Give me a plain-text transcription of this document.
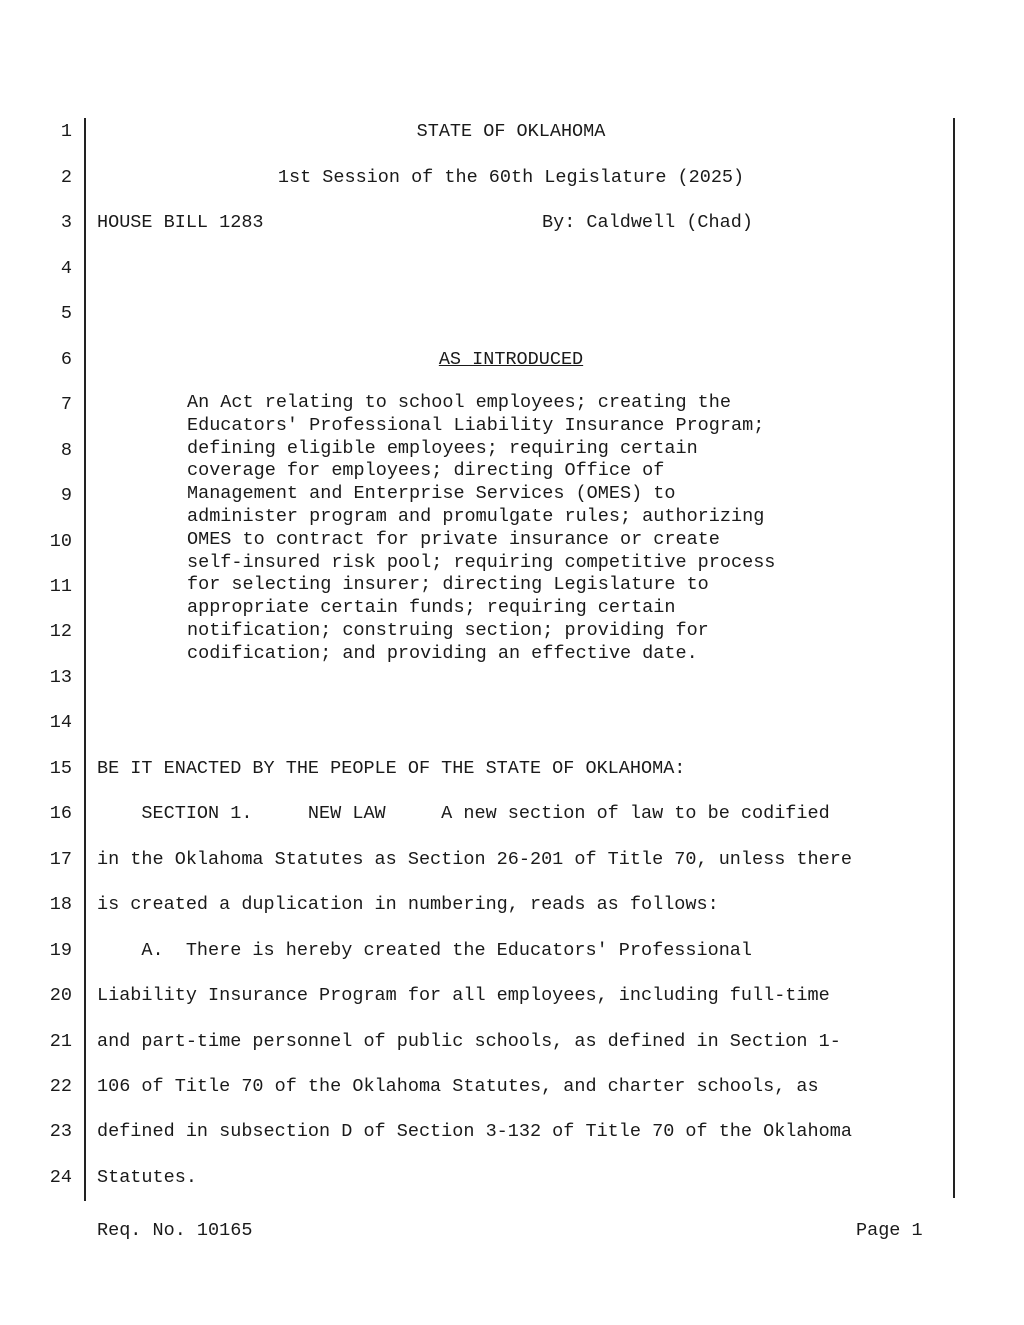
1
2
3
4
5
6
7
8
9
10
11
12
13
14
15
16
17
18
19
20
21
22
23
24
STATE OF OKLAHOMA
1st Session of the 60th Legislature (2025)
HOUSE BILL 1283	By: Caldwell (Chad)
AS INTRODUCED
An Act relating to school employees; creating the
Educators' Professional Liability Insurance Program;
defining eligible employees; requiring certain
coverage for employees; directing Office of
Management and Enterprise Services (OMES) to
administer program and promulgate rules; authorizing
OMES to contract for private insurance or create
self-insured risk pool; requiring competitive process
for selecting insurer; directing Legislature to
appropriate certain funds; requiring certain
notification; construing section; providing for
codification; and providing an effective date.
BE IT ENACTED BY THE PEOPLE OF THE STATE OF OKLAHOMA:
SECTION 1.     NEW LAW     A new section of law to be codified
in the Oklahoma Statutes as Section 26-201 of Title 70, unless there
is created a duplication in numbering, reads as follows:
A.  There is hereby created the Educators' Professional
Liability Insurance Program for all employees, including full-time
and part-time personnel of public schools, as defined in Section 1-
106 of Title 70 of the Oklahoma Statutes, and charter schools, as
defined in subsection D of Section 3-132 of Title 70 of the Oklahoma
Statutes.
Req. No. 10165	Page 1
